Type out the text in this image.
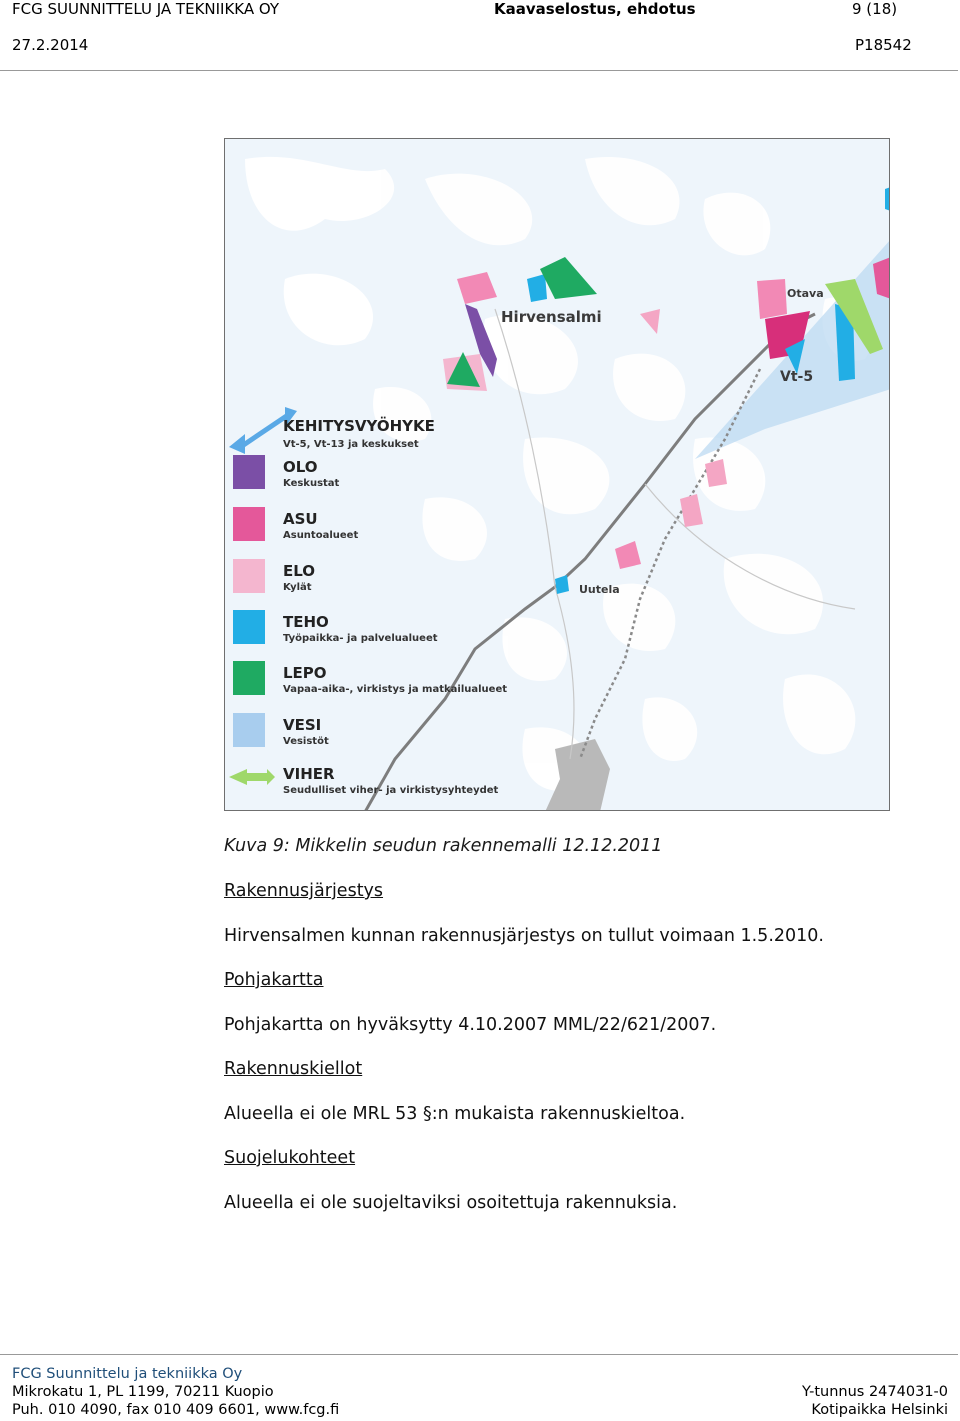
FCG SUUNNITTELU JA TEKNIIKKA OY	Kaavaselostus, ehdotus	9 (18)
27.2.2014	P18542
Hirvensalmi
Otava
Vt-5
Uutela
KEHITYSVYÖHYKE
Vt-5, Vt-13 ja keskukset
OLO
Keskustat
ASU
Asuntoalueet
ELO
Kylät
TEHO
Työpaikka- ja palvelualueet
LEPO
Vapaa-aika-, virkistys ja matkailualueet
VESI
Vesistöt
VIHER
Seudulliset viher- ja virkistysyhteydet
Kuva 9: Mikkelin seudun rakennemalli 12.12.2011
Rakennusjärjestys
Hirvensalmen kunnan rakennusjärjestys on tullut voimaan 1.5.2010.
Pohjakartta
Pohjakartta on hyväksytty 4.10.2007 MML/22/621/2007.
Rakennuskiellot
Alueella ei ole MRL 53 §:n mukaista rakennuskieltoa.
Suojelukohteet
Alueella ei ole suojeltaviksi osoitettuja rakennuksia.
FCG Suunnittelu ja tekniikka Oy
Mikrokatu 1, PL 1199, 70211 Kuopio
Puh. 010 4090, fax 010 409 6601, www.fcg.fi
Y-tunnus 2474031-0
Kotipaikka Helsinki
